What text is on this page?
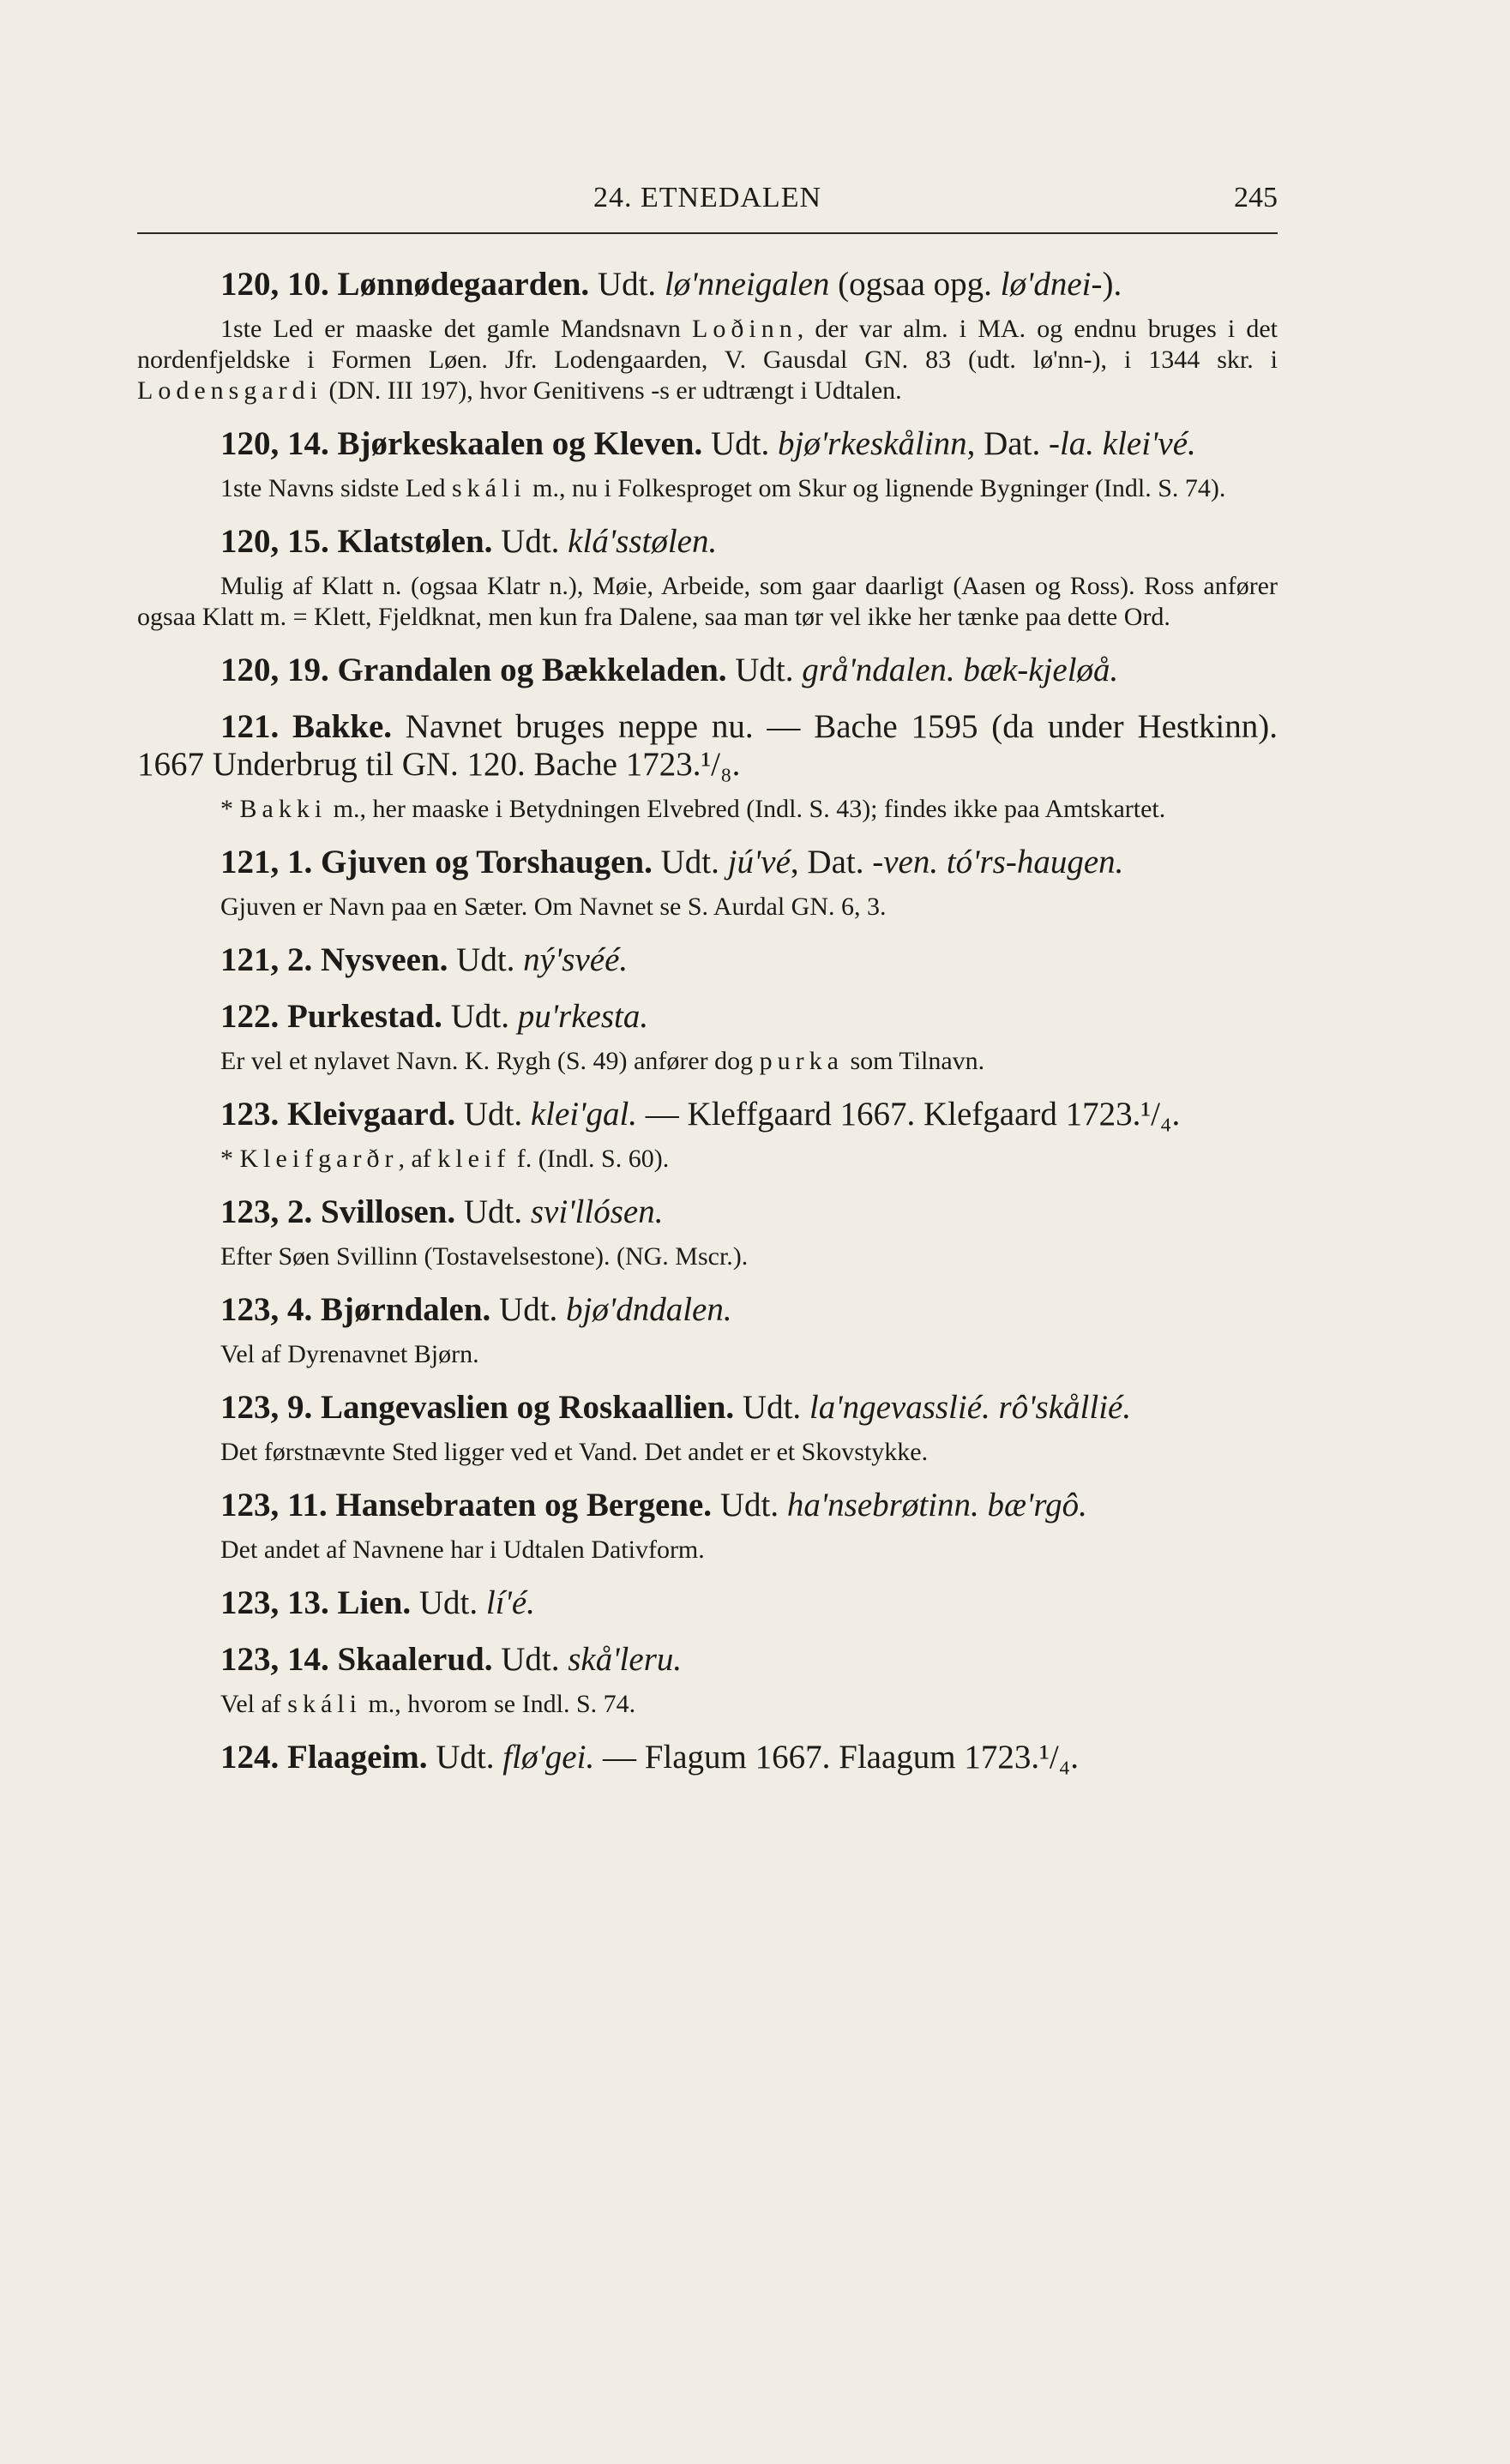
24. ETNEDALEN	245
120, 10. Lønnødegaarden. Udt. lø'nneigalen (ogsaa opg. lø'dnei-).
1ste Led er maaske det gamle Mandsnavn Loðinn, der var alm. i MA. og endnu bruges i det nordenfjeldske i Formen Løen. Jfr. Lodengaarden, V. Gausdal GN. 83 (udt. lø'nn-), i 1344 skr. i Lodensgardi (DN. III 197), hvor Genitivens -s er udtrængt i Udtalen.
120, 14. Bjørkeskaalen og Kleven. Udt. bjø'rkeskålinn, Dat. -la. klei'vé.
1ste Navns sidste Led skáli m., nu i Folkesproget om Skur og lignende Bygninger (Indl. S. 74).
120, 15. Klatstølen. Udt. klá'sstølen.
Mulig af Klatt n. (ogsaa Klatr n.), Møie, Arbeide, som gaar daarligt (Aasen og Ross). Ross anfører ogsaa Klatt m. = Klett, Fjeldknat, men kun fra Dalene, saa man tør vel ikke her tænke paa dette Ord.
120, 19. Grandalen og Bækkeladen. Udt. grå'ndalen. bæk-kjeløå.
121. Bakke. Navnet bruges neppe nu. — Bache 1595 (da under Hestkinn). 1667 Underbrug til GN. 120. Bache 1723.¹/₈.
* Bakki m., her maaske i Betydningen Elvebred (Indl. S. 43); findes ikke paa Amtskartet.
121, 1. Gjuven og Torshaugen. Udt. jú'vé, Dat. -ven. tó'rs-haugen.
Gjuven er Navn paa en Sæter. Om Navnet se S. Aurdal GN. 6, 3.
121, 2. Nysveen. Udt. ný'svéé.
122. Purkestad. Udt. pu'rkesta.
Er vel et nylavet Navn. K. Rygh (S. 49) anfører dog purka som Tilnavn.
123. Kleivgaard. Udt. klei'gal. — Kleffgaard 1667. Klefgaard 1723.¹/₄.
* Kleifgarðr, af kleif f. (Indl. S. 60).
123, 2. Svillosen. Udt. svi'llósen.
Efter Søen Svillinn (Tostavelsestone). (NG. Mscr.).
123, 4. Bjørndalen. Udt. bjø'dndalen.
Vel af Dyrenavnet Bjørn.
123, 9. Langevaslien og Roskaallien. Udt. la'ngevasslié. rô'skållié.
Det førstnævnte Sted ligger ved et Vand. Det andet er et Skovstykke.
123, 11. Hansebraaten og Bergene. Udt. ha'nsebrøtinn. bæ'rgô.
Det andet af Navnene har i Udtalen Dativform.
123, 13. Lien. Udt. lí'é.
123, 14. Skaalerud. Udt. skå'leru.
Vel af skáli m., hvorom se Indl. S. 74.
124. Flaageim. Udt. flø'gei. — Flagum 1667. Flaagum 1723.¹/₄.
